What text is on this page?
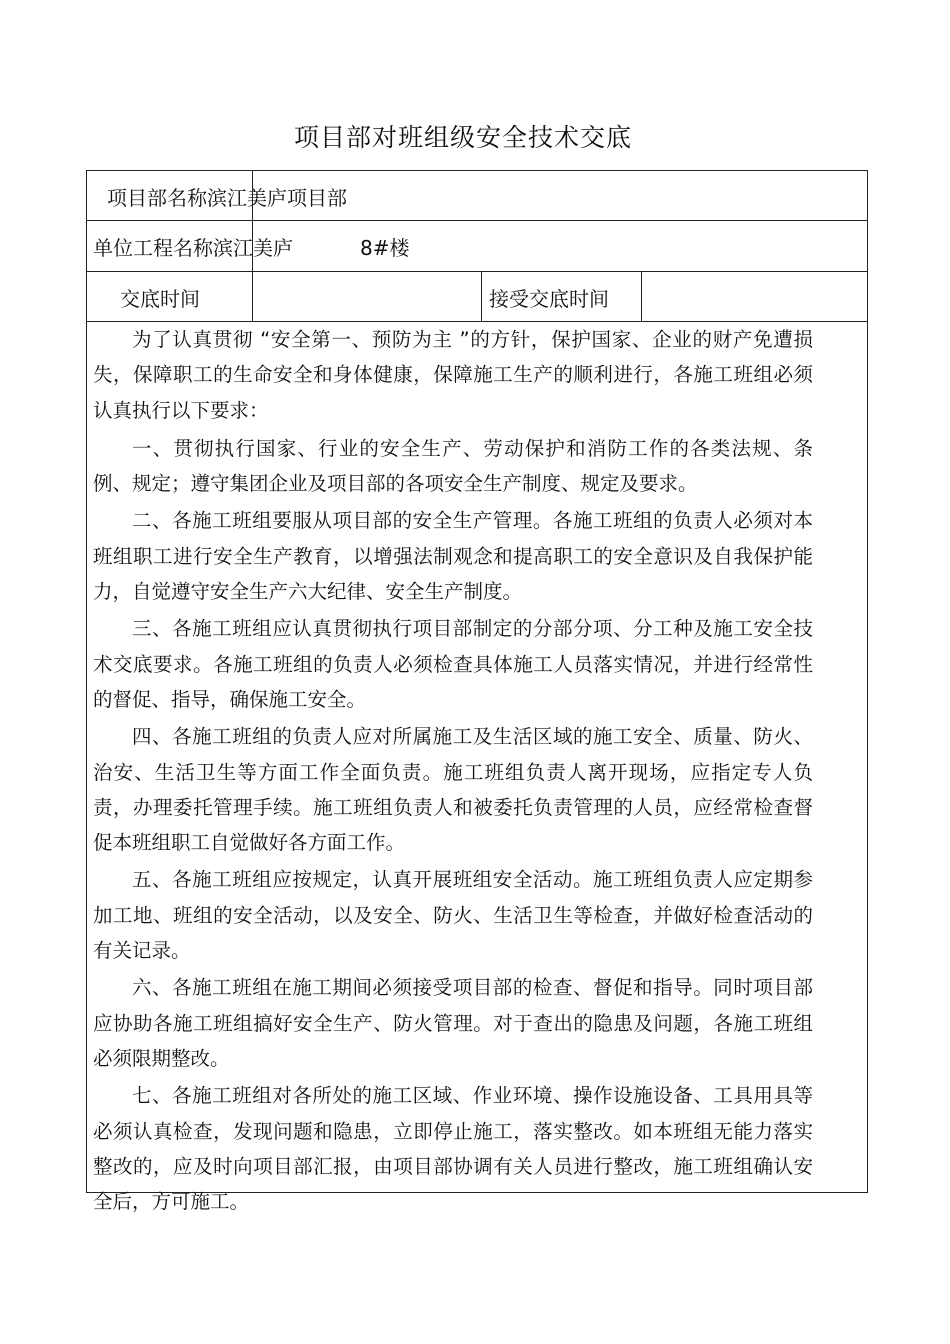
项目部对班组级安全技术交底
项目部名称滨江美庐项目部
单位工程名称滨江美庐	8#楼
交底时间	接受交底时间

为了认真贯彻 “安全第一、预防为主 ”的方针，保护国家、企业的财产免遭损失，保障职工的生命安全和身体健康，保障施工生产的顺利进行，各施工班组必须认真执行以下要求：

一、贯彻执行国家、行业的安全生产、劳动保护和消防工作的各类法规、条例、规定；遵守集团企业及项目部的各项安全生产制度、规定及要求。

二、各施工班组要服从项目部的安全生产管理。各施工班组的负责人必须对本班组职工进行安全生产教育，以增强法制观念和提高职工的安全意识及自我保护能力，自觉遵守安全生产六大纪律、安全生产制度。

三、各施工班组应认真贯彻执行项目部制定的分部分项、分工种及施工安全技术交底要求。各施工班组的负责人必须检查具体施工人员落实情况，并进行经常性的督促、指导，确保施工安全。

四、各施工班组的负责人应对所属施工及生活区域的施工安全、质量、防火、治安、生活卫生等方面工作全面负责。施工班组负责人离开现场，应指定专人负责，办理委托管理手续。施工班组负责人和被委托负责管理的人员，应经常检查督促本班组职工自觉做好各方面工作。

五、各施工班组应按规定，认真开展班组安全活动。施工班组负责人应定期参加工地、班组的安全活动，以及安全、防火、生活卫生等检查，并做好检查活动的有关记录。

六、各施工班组在施工期间必须接受项目部的检查、督促和指导。同时项目部应协助各施工班组搞好安全生产、防火管理。对于查出的隐患及问题，各施工班组必须限期整改。

七、各施工班组对各所处的施工区域、作业环境、操作设施设备、工具用具等必须认真检查，发现问题和隐患，立即停止施工，落实整改。如本班组无能力落实整改的，应及时向项目部汇报，由项目部协调有关人员进行整改，施工班组确认安全后，方可施工。
